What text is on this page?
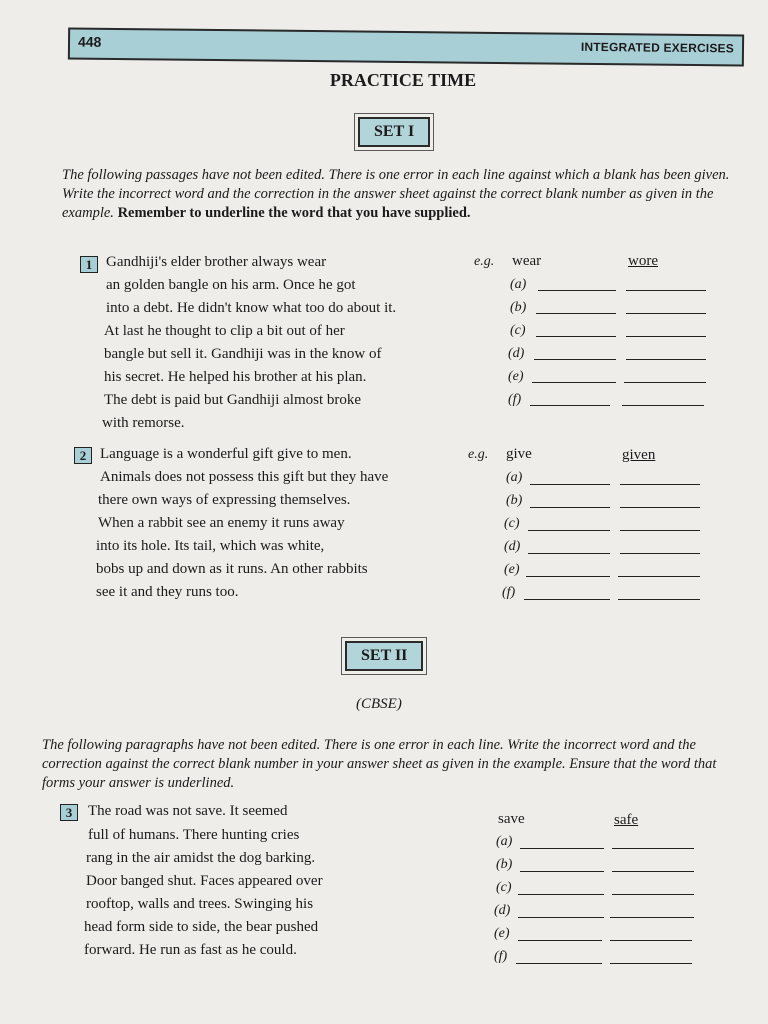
448	INTEGRATED EXERCISES
PRACTICE TIME
SET I
The following passages have not been edited. There is one error in each line against which a blank has been given. Write the incorrect word and the correction in the answer sheet against the correct blank number as given in the example. Remember to underline the word that you have supplied.
1 Gandhiji's elder brother always wear
an golden bangle on his arm. Once he got
into a debt. He didn't know what too do about it.
At last he thought to clip a bit out of her
bangle but sell it. Gandhiji was in the know of
his secret. He helped his brother at his plan.
The debt is paid but Gandhiji almost broke
with remorse.
e.g. wear	wore
(a)
(b)
(c)
(d)
(e)
(f)
2 Language is a wonderful gift give to men.
Animals does not possess this gift but they have
there own ways of expressing themselves.
When a rabbit see an enemy it runs away
into its hole. Its tail, which was white,
bobs up and down as it runs. An other rabbits
see it and they runs too.
e.g. give	given
(a)
(b)
(c)
(d)
(e)
(f)
SET II
(CBSE)
The following paragraphs have not been edited. There is one error in each line. Write the incorrect word and the correction against the correct blank number in your answer sheet as given in the example. Ensure that the word that forms your answer is underlined.
3	The road was not save. It seemed
full of humans. There hunting cries
rang in the air amidst the dog barking.
Door banged shut. Faces appeared over
rooftop, walls and trees. Swinging his
head form side to side, the bear pushed
forward. He run as fast as he could.
save	safe
(a)
(b)
(c)
(d)
(e)
(f)
